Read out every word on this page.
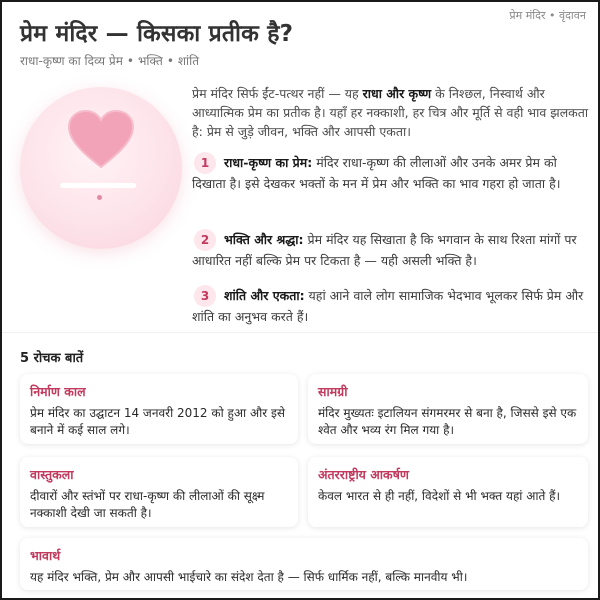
प्रेम मंदिर • वृंदावन
प्रेम मंदिर — किसका प्रतीक है?
राधा-कृष्ण का दिव्य प्रेम • भक्ति • शांति

प्रेम मंदिर सिर्फ ईंट-पत्थर नहीं — यह राधा और कृष्ण के निश्छल, निस्वार्थ और आध्यात्मिक प्रेम का प्रतीक है। यहाँ हर नक्काशी, हर चित्र और मूर्ति से वही भाव झलकता है: प्रेम से जुड़े जीवन, भक्ति और आपसी एकता।

1 राधा-कृष्ण का प्रेम: मंदिर राधा-कृष्ण की लीलाओं और उनके अमर प्रेम को दिखाता है। इसे देखकर भक्तों के मन में प्रेम और भक्ति का भाव गहरा हो जाता है।

2 भक्ति और श्रद्धा: प्रेम मंदिर यह सिखाता है कि भगवान के साथ रिश्ता मांगों पर आधारित नहीं बल्कि प्रेम पर टिकता है — यही असली भक्ति है।

3 शांति और एकता: यहां आने वाले लोग सामाजिक भेदभाव भूलकर सिर्फ प्रेम और शांति का अनुभव करते हैं।

5 रोचक बातें
निर्माण काल
प्रेम मंदिर का उद्घाटन 14 जनवरी 2012 को हुआ और इसे बनाने में कई साल लगे।
सामग्री
मंदिर मुख्यतः इटालियन संगमरमर से बना है, जिससे इसे एक श्वेत और भव्य रंग मिल गया है।
वास्तुकला
दीवारों और स्तंभों पर राधा-कृष्ण की लीलाओं की सूक्ष्म नक्काशी देखी जा सकती है।
अंतरराष्ट्रीय आकर्षण
केवल भारत से ही नहीं, विदेशों से भी भक्त यहां आते हैं।
भावार्थ
यह मंदिर भक्ति, प्रेम और आपसी भाईचारे का संदेश देता है — सिर्फ धार्मिक नहीं, बल्कि मानवीय भी।
